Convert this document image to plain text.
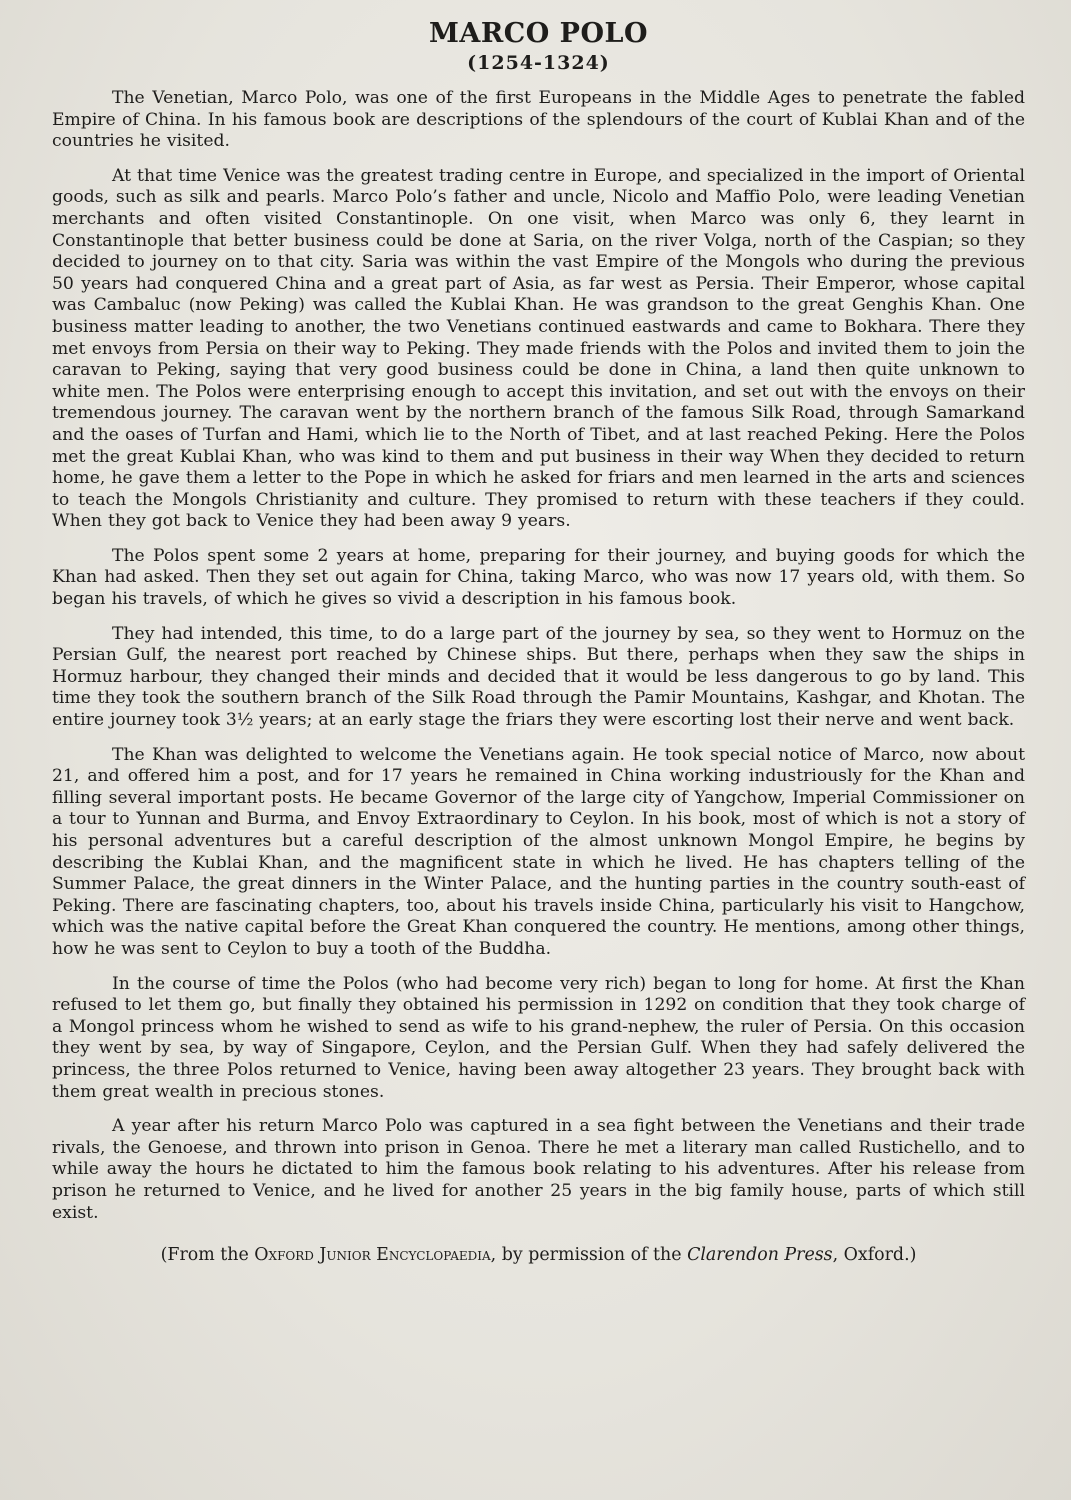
MARCO POLO
(1254-1324)

The Venetian, Marco Polo, was one of the first Europeans in the Middle Ages to penetrate the fabled Empire of China. In his famous book are descriptions of the splendours of the court of Kublai Khan and of the countries he visited.

At that time Venice was the greatest trading centre in Europe, and specialized in the import of Oriental goods, such as silk and pearls. Marco Polo’s father and uncle, Nicolo and Maffio Polo, were leading Venetian merchants and often visited Constantinople. On one visit, when Marco was only 6, they learnt in Constantinople that better business could be done at Saria, on the river Volga, north of the Caspian; so they decided to journey on to that city. Saria was within the vast Empire of the Mongols who during the previous 50 years had conquered China and a great part of Asia, as far west as Persia. Their Emperor, whose capital was Cambaluc (now Peking) was called the Kublai Khan. He was grandson to the great Genghis Khan. One business matter leading to another, the two Venetians continued eastwards and came to Bokhara. There they met envoys from Persia on their way to Peking. They made friends with the Polos and invited them to join the caravan to Peking, saying that very good business could be done in China, a land then quite unknown to white men. The Polos were enterprising enough to accept this invitation, and set out with the envoys on their tremendous journey. The caravan went by the northern branch of the famous Silk Road, through Samarkand and the oases of Turfan and Hami, which lie to the North of Tibet, and at last reached Peking. Here the Polos met the great Kublai Khan, who was kind to them and put business in their way When they decided to return home, he gave them a letter to the Pope in which he asked for friars and men learned in the arts and sciences to teach the Mongols Christianity and culture. They promised to return with these teachers if they could. When they got back to Venice they had been away 9 years.

The Polos spent some 2 years at home, preparing for their journey, and buying goods for which the Khan had asked. Then they set out again for China, taking Marco, who was now 17 years old, with them. So began his travels, of which he gives so vivid a description in his famous book.

They had intended, this time, to do a large part of the journey by sea, so they went to Hormuz on the Persian Gulf, the nearest port reached by Chinese ships. But there, perhaps when they saw the ships in Hormuz harbour, they changed their minds and decided that it would be less dangerous to go by land. This time they took the southern branch of the Silk Road through the Pamir Mountains, Kashgar, and Khotan. The entire journey took 3½ years; at an early stage the friars they were escorting lost their nerve and went back.

The Khan was delighted to welcome the Venetians again. He took special notice of Marco, now about 21, and offered him a post, and for 17 years he remained in China working industriously for the Khan and filling several important posts. He became Governor of the large city of Yangchow, Imperial Commissioner on a tour to Yunnan and Burma, and Envoy Extraordinary to Ceylon. In his book, most of which is not a story of his personal adventures but a careful description of the almost unknown Mongol Empire, he begins by describing the Kublai Khan, and the magnificent state in which he lived. He has chapters telling of the Summer Palace, the great dinners in the Winter Palace, and the hunting parties in the country south-east of Peking. There are fascinating chapters, too, about his travels inside China, particularly his visit to Hangchow, which was the native capital before the Great Khan conquered the country. He mentions, among other things, how he was sent to Ceylon to buy a tooth of the Buddha.

In the course of time the Polos (who had become very rich) began to long for home. At first the Khan refused to let them go, but finally they obtained his permission in 1292 on condition that they took charge of a Mongol princess whom he wished to send as wife to his grand-nephew, the ruler of Persia. On this occasion they went by sea, by way of Singapore, Ceylon, and the Persian Gulf. When they had safely delivered the princess, the three Polos returned to Venice, having been away altogether 23 years. They brought back with them great wealth in precious stones.

A year after his return Marco Polo was captured in a sea fight between the Venetians and their trade rivals, the Genoese, and thrown into prison in Genoa. There he met a literary man called Rustichello, and to while away the hours he dictated to him the famous book relating to his adventures. After his release from prison he returned to Venice, and he lived for another 25 years in the big family house, parts of which still exist.

(From the Oxford Junior Encyclopaedia, by permission of the Clarendon Press, Oxford.)
